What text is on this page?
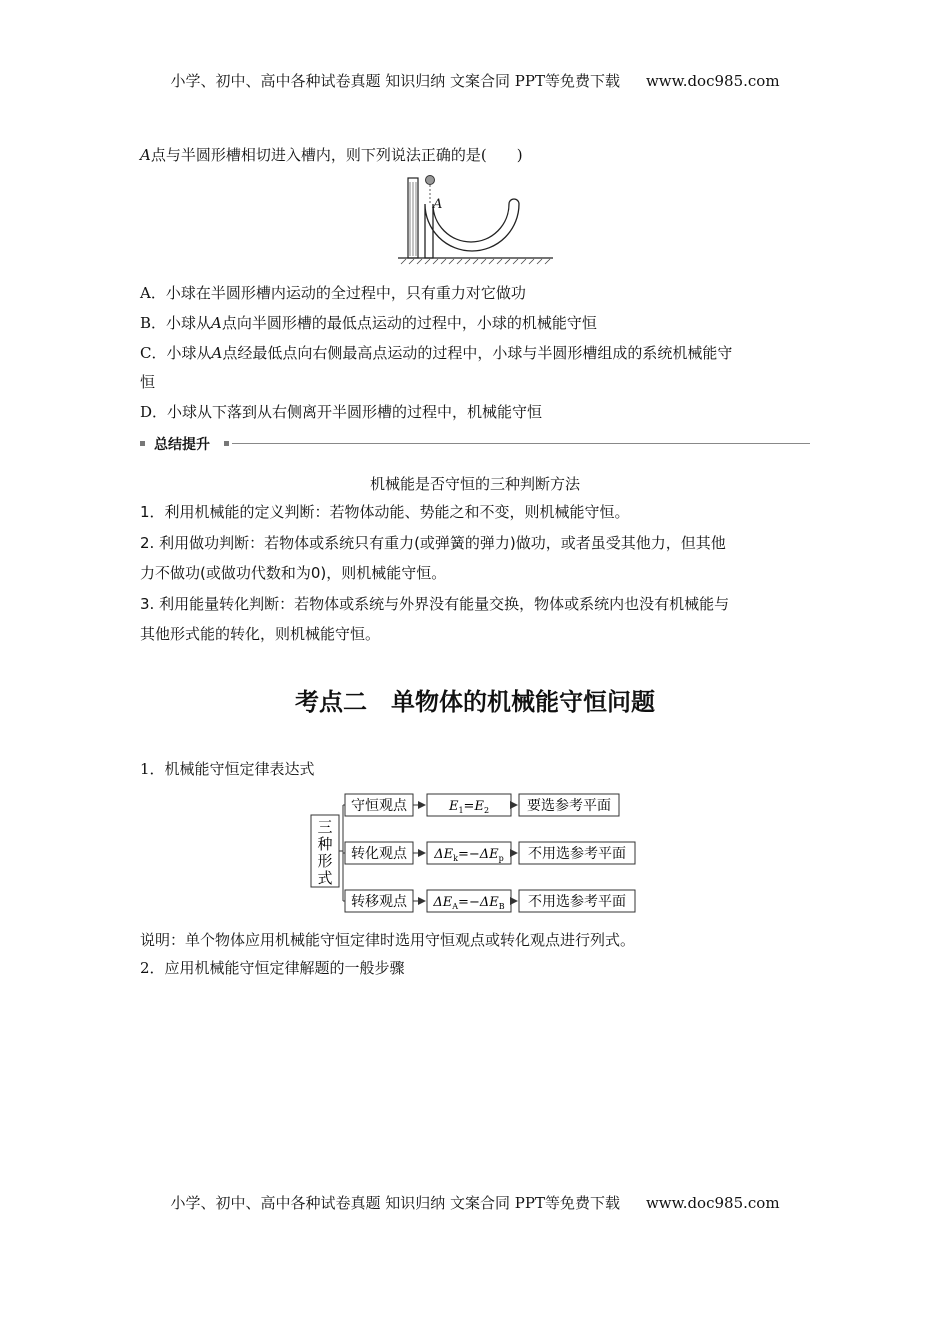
小学、初中、高中各种试卷真题 知识归纳 文案合同 PPT等免费下载 www.doc985.com
A点与半圆形槽相切进入槽内，则下列说法正确的是(　　)
A
A．小球在半圆形槽内运动的全过程中，只有重力对它做功
B．小球从A点向半圆形槽的最低点运动的过程中，小球的机械能守恒
C．小球从A点经最低点向右侧最高点运动的过程中，小球与半圆形槽组成的系统机械能守
恒
D．小球从下落到从右侧离开半圆形槽的过程中，机械能守恒
总结提升
机械能是否守恒的三种判断方法
1．利用机械能的定义判断：若物体动能、势能之和不变，则机械能守恒。
2. 利用做功判断：若物体或系统只有重力(或弹簧的弹力)做功，或者虽受其他力，但其他
力不做功(或做功代数和为0)，则机械能守恒。
3. 利用能量转化判断：若物体或系统与外界没有能量交换，物体或系统内也没有机械能与
其他形式能的转化，则机械能守恒。
考点二 单物体的机械能守恒问题
1．机械能守恒定律表达式
三
种
形
式
守恒观点	$E_1=E_2$	要选参考平面
转化观点 $\Delta E_k=-\Delta E_p$ 不用选参考平面
转移观点 $\Delta E_A=-\Delta E_B$ 不用选参考平面
说明：单个物体应用机械能守恒定律时选用守恒观点或转化观点进行列式。
2．应用机械能守恒定律解题的一般步骤
小学、初中、高中各种试卷真题 知识归纳 文案合同 PPT等免费下载 www.doc985.com
